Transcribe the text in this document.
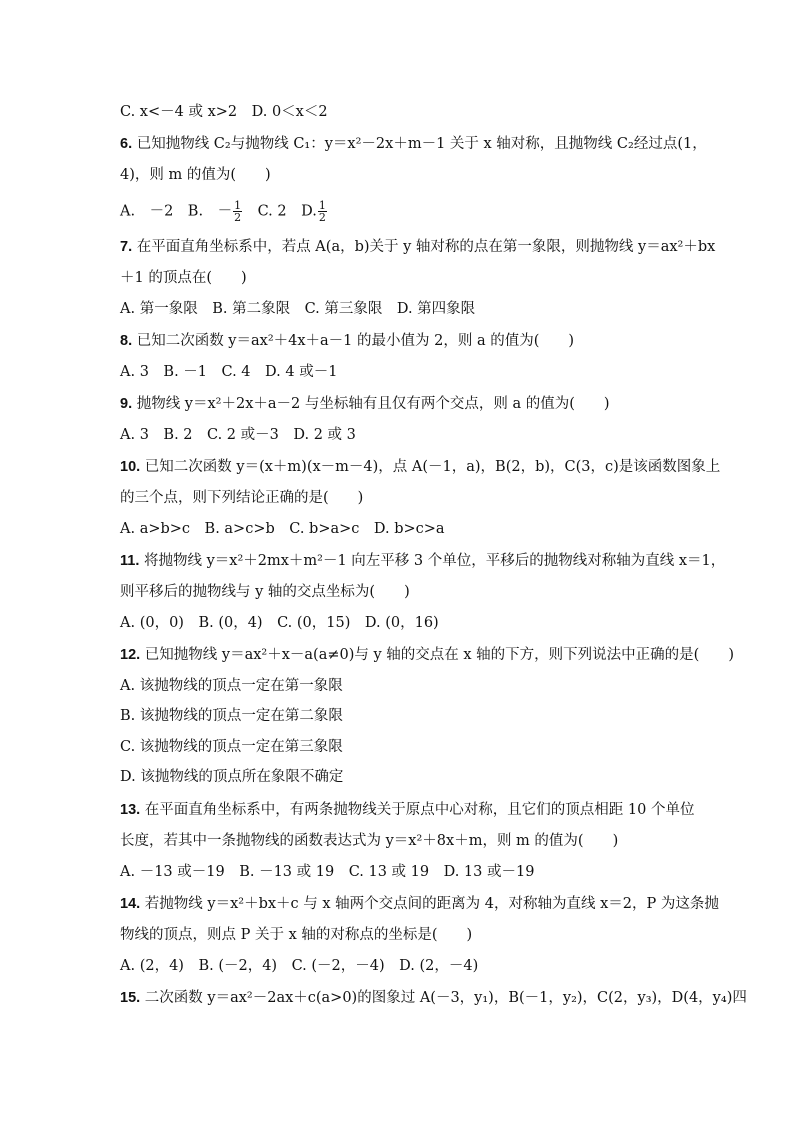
C. x<－4 或 x>2　D. 0＜x＜2
6. 已知抛物线 C₂与抛物线 C₁：y＝x²－2x＋m－1 关于 x 轴对称，且抛物线 C₂经过点(1，
4)，则 m 的值为(　　)
A.　－2　B.　－ $\frac{1}{2}$ 　C. 2　D. $\frac{1}{2}$
7. 在平面直角坐标系中，若点 A(a，b)关于 y 轴对称的点在第一象限，则抛物线 y＝ax²＋bx
＋1 的顶点在(　　)
A. 第一象限　B. 第二象限　C. 第三象限　D. 第四象限
8. 已知二次函数 y＝ax²＋4x＋a－1 的最小值为 2，则 a 的值为(　　)
A. 3　B. －1　C. 4　D. 4 或－1
9. 抛物线 y＝x²＋2x＋a－2 与坐标轴有且仅有两个交点，则 a 的值为(　　)
A. 3　B. 2　C. 2 或－3　D. 2 或 3
10. 已知二次函数 y＝(x＋m)(x－m－4)，点 A(－1，a)，B(2，b)，C(3，c)是该函数图象上
的三个点，则下列结论正确的是(　　)
A. a>b>c　B. a>c>b　C. b>a>c　D. b>c>a
11. 将抛物线 y＝x²＋2mx＋m²－1 向左平移 3 个单位，平移后的抛物线对称轴为直线 x＝1，
则平移后的抛物线与 y 轴的交点坐标为(　　)
A. (0，0)　B. (0，4)　C. (0，15)　D. (0，16)
12. 已知抛物线 y＝ax²＋x－a(a≠0)与 y 轴的交点在 x 轴的下方，则下列说法中正确的是(　　)
A. 该抛物线的顶点一定在第一象限
B. 该抛物线的顶点一定在第二象限
C. 该抛物线的顶点一定在第三象限
D. 该抛物线的顶点所在象限不确定
13. 在平面直角坐标系中，有两条抛物线关于原点中心对称，且它们的顶点相距 10 个单位
长度，若其中一条抛物线的函数表达式为 y＝x²＋8x＋m，则 m 的值为(　　)
A. －13 或－19　B. －13 或 19　C. 13 或 19　D. 13 或－19
14. 若抛物线 y＝x²＋bx＋c 与 x 轴两个交点间的距离为 4，对称轴为直线 x＝2，P 为这条抛
物线的顶点，则点 P 关于 x 轴的对称点的坐标是(　　)
A. (2，4)　B. (－2，4)　C. (－2，－4)　D. (2，－4)
15. 二次函数 y＝ax²－2ax＋c(a>0)的图象过 A(－3，y₁)，B(－1，y₂)，C(2，y₃)，D(4，y₄)四
